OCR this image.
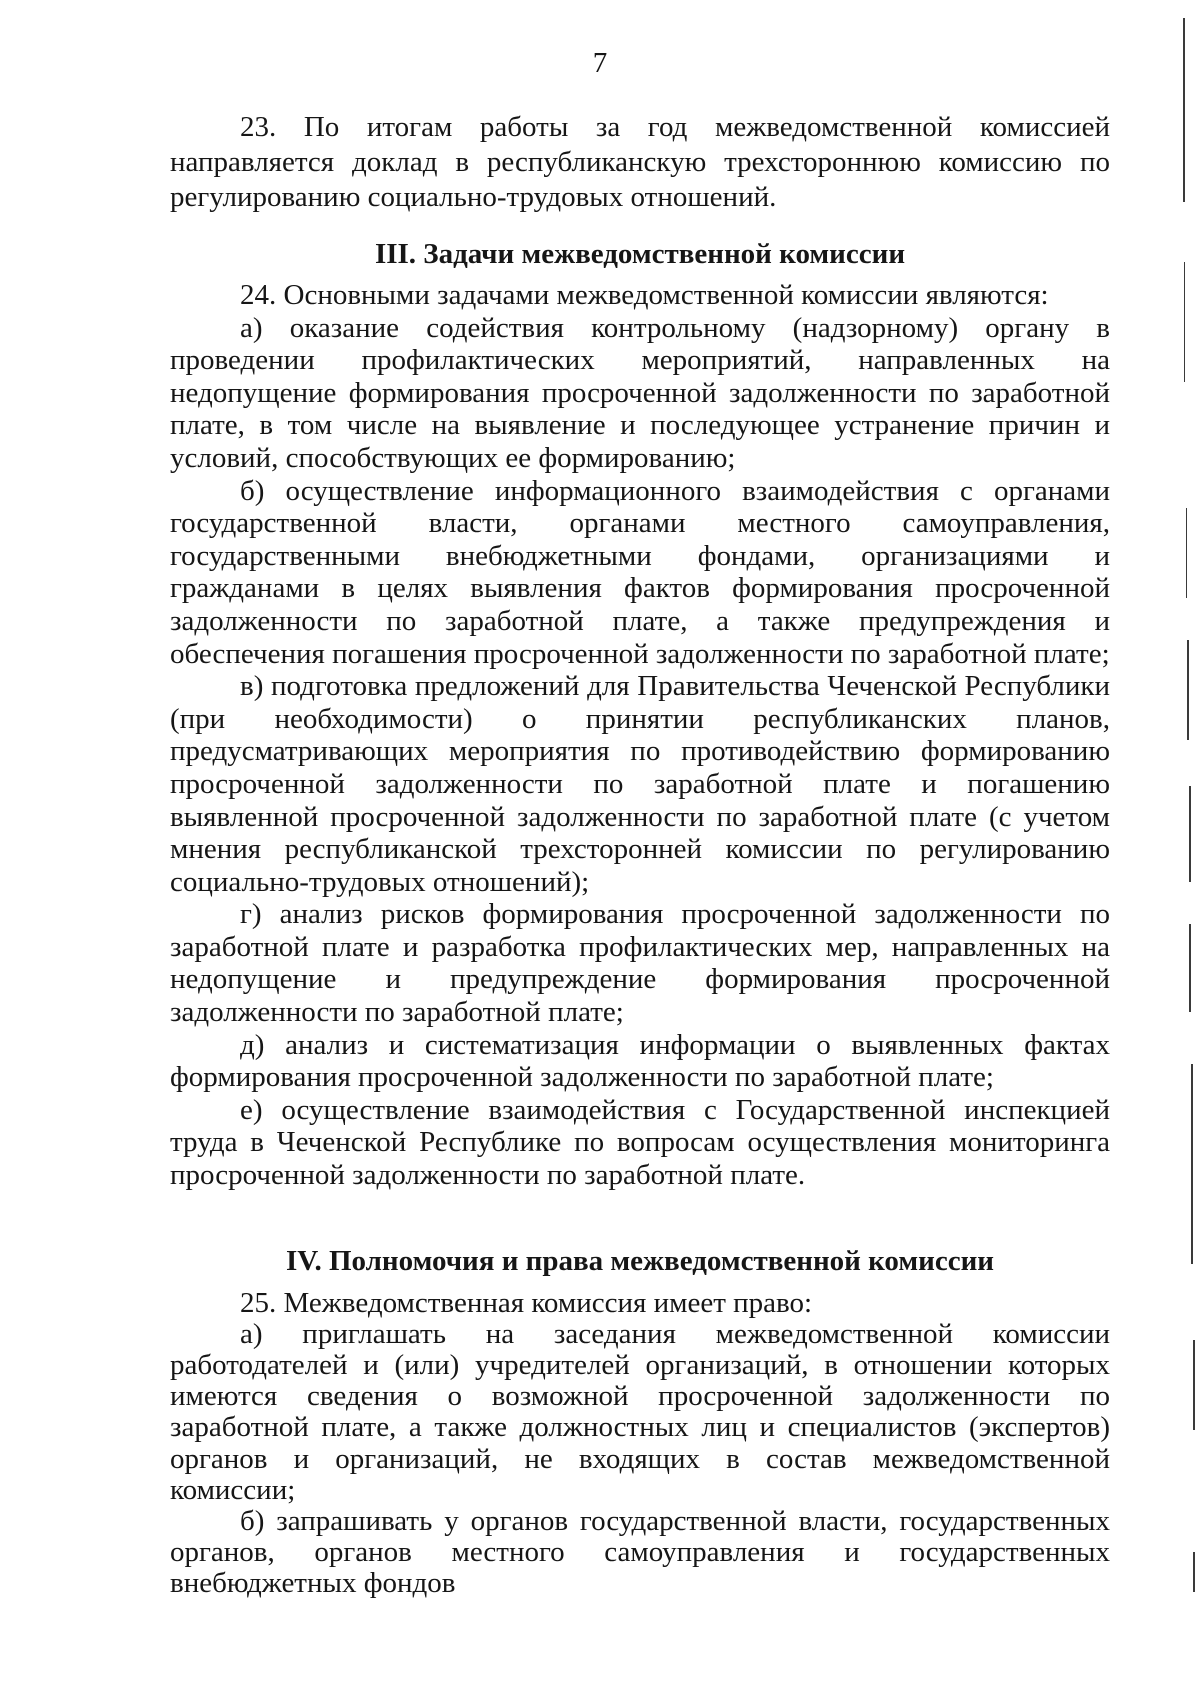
7

23. По итогам работы за год межведомственной комиссией направляется доклад в республиканскую трехстороннюю комиссию по регулированию социально-трудовых отношений.

III. Задачи межведомственной комиссии

24. Основными задачами межведомственной комиссии являются:

а) оказание содействия контрольному (надзорному) органу в проведении профилактических мероприятий, направленных на недопущение формирования просроченной задолженности по заработной плате, в том числе на выявление и последующее устранение причин и условий, способствующих ее формированию;

б) осуществление информационного взаимодействия с органами государственной власти, органами местного самоуправления, государственными внебюджетными фондами, организациями и гражданами в целях выявления фактов формирования просроченной задолженности по заработной плате, а также предупреждения и обеспечения погашения просроченной задолженности по заработной плате;

в) подготовка предложений для Правительства Чеченской Республики (при необходимости) о принятии республиканских планов, предусматривающих мероприятия по противодействию формированию просроченной задолженности по заработной плате и погашению выявленной просроченной задолженности по заработной плате (с учетом мнения республиканской трехсторонней комиссии по регулированию социально-трудовых отношений);

г) анализ рисков формирования просроченной задолженности по заработной плате и разработка профилактических мер, направленных на недопущение и предупреждение формирования просроченной задолженности по заработной плате;

д) анализ и систематизация информации о выявленных фактах формирования просроченной задолженности по заработной плате;

е) осуществление взаимодействия с Государственной инспекцией труда в Чеченской Республике по вопросам осуществления мониторинга просроченной задолженности по заработной плате.

IV. Полномочия и права межведомственной комиссии

25. Межведомственная комиссия имеет право:

а) приглашать на заседания межведомственной комиссии работодателей и (или) учредителей организаций, в отношении которых имеются сведения о возможной просроченной задолженности по заработной плате, а также должностных лиц и специалистов (экспертов) органов и организаций, не входящих в состав межведомственной комиссии;

б) запрашивать у органов государственной власти, государственных органов, органов местного самоуправления и государственных внебюджетных фондов
